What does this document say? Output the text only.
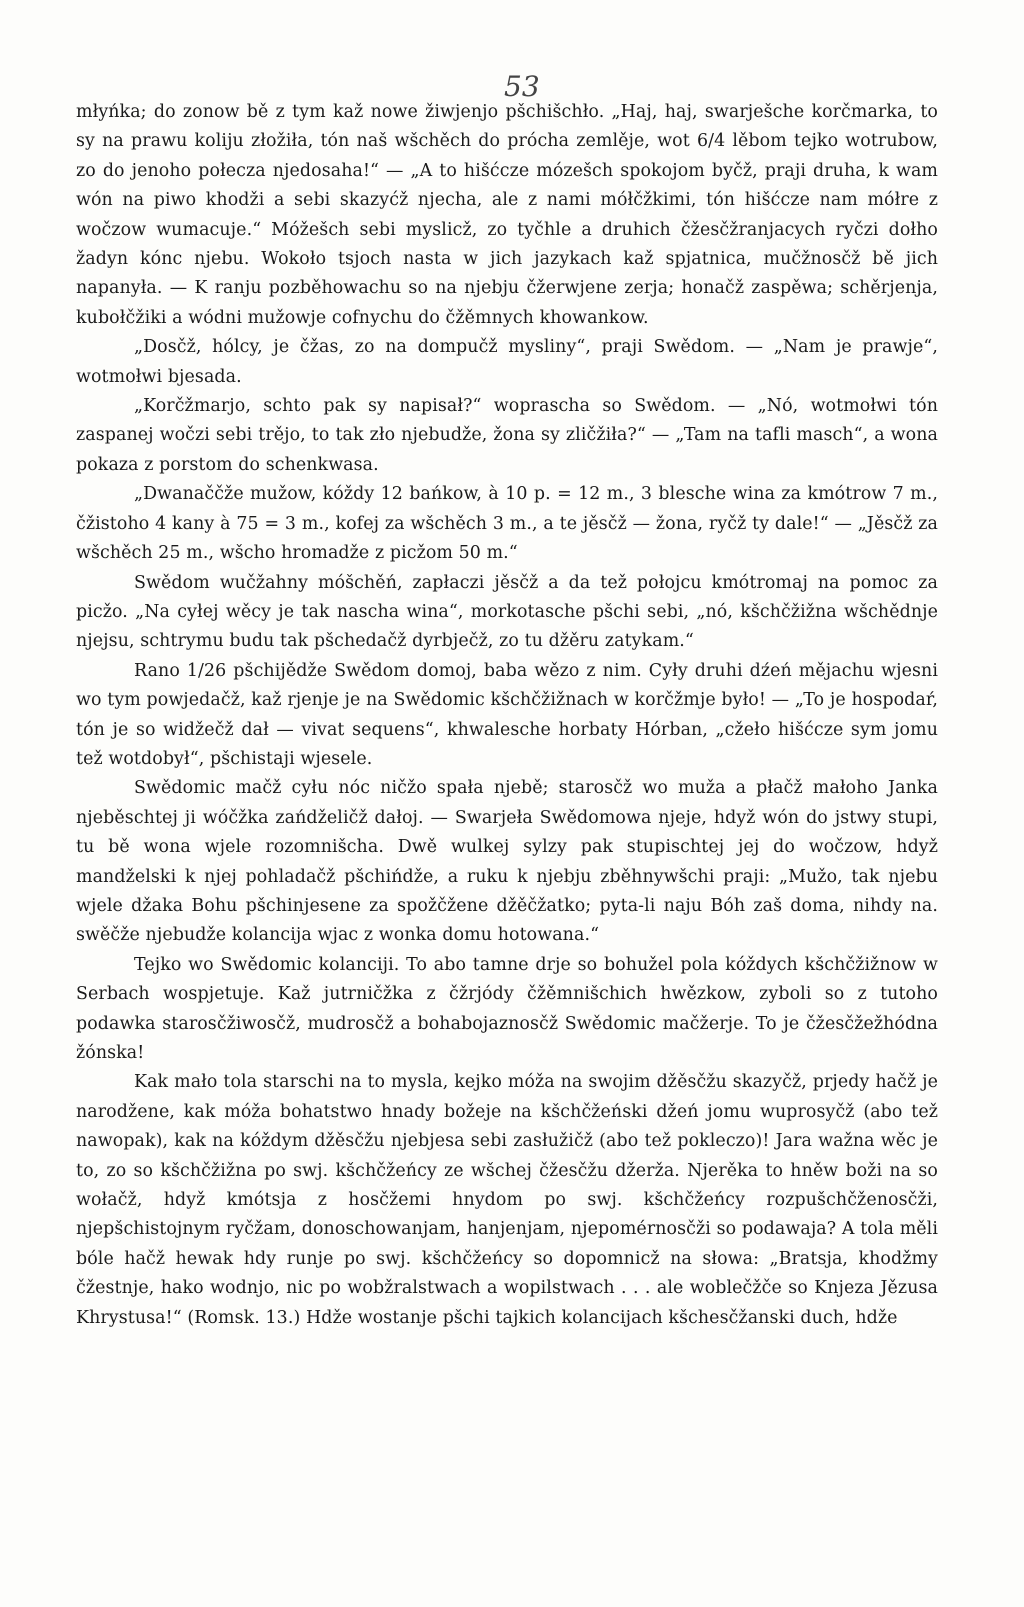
53

młyńka; do zonow bě z tym kaž nowe žiwjenjo pšchišchło. „Haj, haj, swarješche korčmarka, to sy na prawu koliju złožiła, tón naš wšchěch do prócha zemlěje, wot 6/4 lěbom tejko wotrubow, zo do jenoho połecza njedosaha!“ — „A to hišćcze mózešch spokojom byčž, praji druha, k wam wón na piwo khodži a sebi skazyćž njecha, ale z nami mółčžkimi, tón hišćcze nam mółre z wočzow wumacuje.“ Móžešch sebi myslicž, zo tyčhle a druhich čžesčžranjacych ryčzi dołho žadyn kónc njebu. Wokoło tsjoch nasta w jich jazykach kaž spjatnica, mučžnosčž bě jich napanyła. — K ranju pozběhowachu so na njebju čžerwjene zerja; honačž zaspěwa; schěrjenja, kubołčžiki a wódni mužowje cofnychu do čžěmnych khowankow.

„Dosčž, hólcy, je čžas, zo na dompučž mysliny“, praji Swědom. — „Nam je prawje“, wotmołwi bjesada.

„Korčžmarjo, schto pak sy napisał?“ woprascha so Swědom. — „Nó, wotmołwi tón zaspanej wočzi sebi trějo, to tak zło njebudže, žona sy zličžiła?“ — „Tam na tafli masch“, a wona pokaza z porstom do schenkwasa.

„Dwanaččže mužow, kóždy 12 bańkow, à 10 p. = 12 m., 3 blesche wina za kmótrow 7 m., čžistoho 4 kany à 75 = 3 m., kofej za wšchěch 3 m., a te jěsčž — žona, ryčž ty dale!“ — „Jěsčž za wšchěch 25 m., wšcho hromadže z picžom 50 m.“

Swědom wučžahny móšchěń, zapłaczi jěsčž a da tež połojcu kmótromaj na pomoc za picžo. „Na cyłej wěcy je tak nascha wina“, morkotasche pšchi sebi, „nó, kšchčžižna wšchědnje njejsu, schtrymu budu tak pšchedačž dyrbječž, zo tu džěru zatykam.“

Rano 1/26 pšchijědže Swědom domoj, baba wězo z nim. Cyły druhi dźeń mějachu wjesni wo tym powjedačž, kaž rjenje je na Swědomic kšchčžižnach w korčžmje było! — „To je hospodaŕ, tón je so widžečž dał — vivat sequens“, khwalesche horbaty Hórban, „cžeło hišćcze sym jomu tež wotdobył“, pšchistaji wjesele.

Swědomic mačž cyłu nóc ničžo spała njebě; starosčž wo muža a płačž małoho Janka njeběschtej ji wóčžka zańdželičž dałoj. — Swarjeła Swědomowa njeje, hdyž wón do jstwy stupi, tu bě wona wjele rozomnišcha. Dwě wulkej sylzy pak stupischtej jej do wočzow, hdyž mandželski k njej pohladačž pšchińdže, a ruku k njebju zběhnywšchi praji: „Mužo, tak njebu wjele džaka Bohu pšchinjesene za spožčžene džěčžatko; pyta-li naju Bóh zaš doma, nihdy na. swěčže njebudže kolancija wjac z wonka domu hotowana.“

Tejko wo Swědomic kolanciji. To abo tamne drje so bohužel pola kóždych kšchčžižnow w Serbach wospjetuje. Kaž jutrničžka z čžrjódy čžěmnišchich hwězkow, zyboli so z tutoho podawka starosčžiwosčž, mudrosčž a bohabojaznosčž Swědomic mačžerje. To je čžesčžežhódna žónska!

Kak mało tola starschi na to mysla, kejko móža na swojim džěsčžu skazyčž, prjedy hačž je narodžene, kak móža bohatstwo hnady božeje na kšchčžeński džeń jomu wuprosyčž (abo tež nawopak), kak na kóždym džěsčžu njebjesa sebi zasłužičž (abo tež pokleczo)! Jara wažna wěc je to, zo so kšchčžižna po swj. kšchčžeńcy ze wšchej čžesčžu džerža. Njerěka to hněw boži na so wołačž, hdyž kmótsja z hosčžemi hnydom po swj. kšchčžeńcy rozpušchčženosčži, njepšchistojnym ryčžam, donoschowanjam, hanjenjam, njepomérnosčži so podawaja? A tola měli bóle hačž hewak hdy runje po swj. kšchčžeńcy so dopomnicž na słowa: „Bratsja, khodžmy čžestnje, hako wodnjo, nic po wobžralstwach a wopilstwach . . . ale woblečžče so Knjeza Jězusa Khrystusa!“ (Romsk. 13.) Hdže wostanje pšchi tajkich kolancijach kšchesčžanski duch, hdže
